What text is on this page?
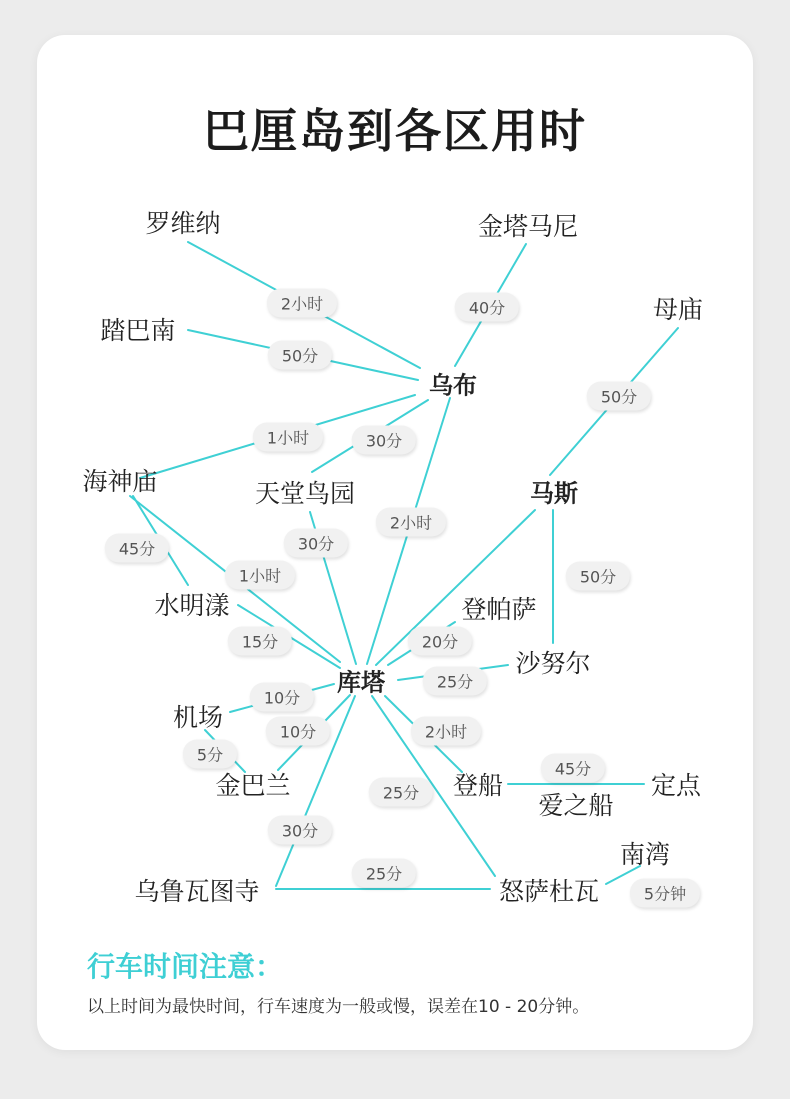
巴厘岛到各区用时
罗维纳	金塔马尼
踏巴南
母庙
乌布
海神庙	天堂鸟园	马斯
水明漾	登帕萨
沙努尔
库塔
机场
金巴兰	登船	定点
爱之船
南湾
乌鲁瓦图寺	怒萨杜瓦
2小时	40分
50分
50分
1小时	30分
2小时
45分	30分
50分
1小时
15分	20分
25分
10分
10分	2小时
5分
45分
25分
30分
25分
5分钟
行车时间注意：
以上时间为最快时间，行车速度为一般或慢，误差在10 - 20分钟。
